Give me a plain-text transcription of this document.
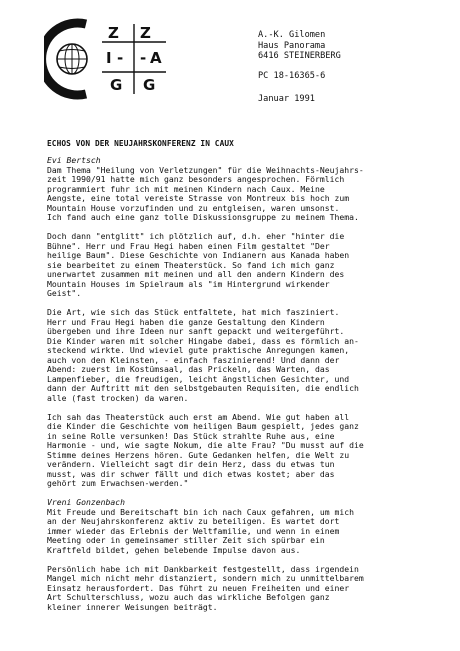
Z Z
I - - A
G G
A.-K. Gilomen
Haus Panorama
6416 STEINERBERG
PC 18-16365-6
Januar 1991
ECHOS VON DER NEUJAHRSKONFERENZ IN CAUX
Evi Bertsch
Dam Thema "Heilung von Verletzungen" für die Weihnachts-Neujahrs-
zeit 1990/91 hatte mich ganz besonders angesprochen. Förmlich
programmiert fuhr ich mit meinen Kindern nach Caux. Meine
Aengste, eine total vereiste Strasse von Montreux bis hoch zum
Mountain House vorzufinden und zu entgleisen, waren umsonst.
Ich fand auch eine ganz tolle Diskussionsgruppe zu meinem Thema.
Doch dann "entglitt" ich plötzlich auf, d.h. eher "hinter die
Bühne". Herr und Frau Hegi haben einen Film gestaltet "Der
heilige Baum". Diese Geschichte von Indianern aus Kanada haben
sie bearbeitet zu einem Theaterstück. So fand ich mich ganz
unerwartet zusammen mit meinen und all den andern Kindern des
Mountain Houses im Spielraum als "im Hintergrund wirkender
Geist".
Die Art, wie sich das Stück entfaltete, hat mich fasziniert.
Herr und Frau Hegi haben die ganze Gestaltung den Kindern
übergeben und ihre Ideen nur sanft gepackt und weitergeführt.
Die Kinder waren mit solcher Hingabe dabei, dass es förmlich an-
steckend wirkte. Und wieviel gute praktische Anregungen kamen,
auch von den Kleinsten, - einfach faszinierend! Und dann der
Abend: zuerst im Kostümsaal, das Prickeln, das Warten, das
Lampenfieber, die freudigen, leicht ängstlichen Gesichter, und
dann der Auftritt mit den selbstgebauten Requisiten, die endlich
alle (fast trocken) da waren.
Ich sah das Theaterstück auch erst am Abend. Wie gut haben all
die Kinder die Geschichte vom heiligen Baum gespielt, jedes ganz
in seine Rolle versunken! Das Stück strahlte Ruhe aus, eine
Harmonie - und, wie sagte Nokum, die alte Frau? "Du musst auf die
Stimme deines Herzens hören. Gute Gedanken helfen, die Welt zu
verändern. Vielleicht sagt dir dein Herz, dass du etwas tun
musst, was dir schwer fällt und dich etwas kostet; aber das
gehört zum Erwachsen-werden."
Vreni Gonzenbach
Mit Freude und Bereitschaft bin ich nach Caux gefahren, um mich
an der Neujahrskonferenz aktiv zu beteiligen. Es wartet dort
immer wieder das Erlebnis der Weltfamilie, und wenn in einem
Meeting oder in gemeinsamer stiller Zeit sich spürbar ein
Kraftfeld bildet, gehen belebende Impulse davon aus.
Persönlich habe ich mit Dankbarkeit festgestellt, dass irgendein
Mangel mich nicht mehr distanziert, sondern mich zu unmittelbarem
Einsatz herausfordert. Das führt zu neuen Freiheiten und einer
Art Schulterschluss, wozu auch das wirkliche Befolgen ganz
kleiner innerer Weisungen beiträgt.
